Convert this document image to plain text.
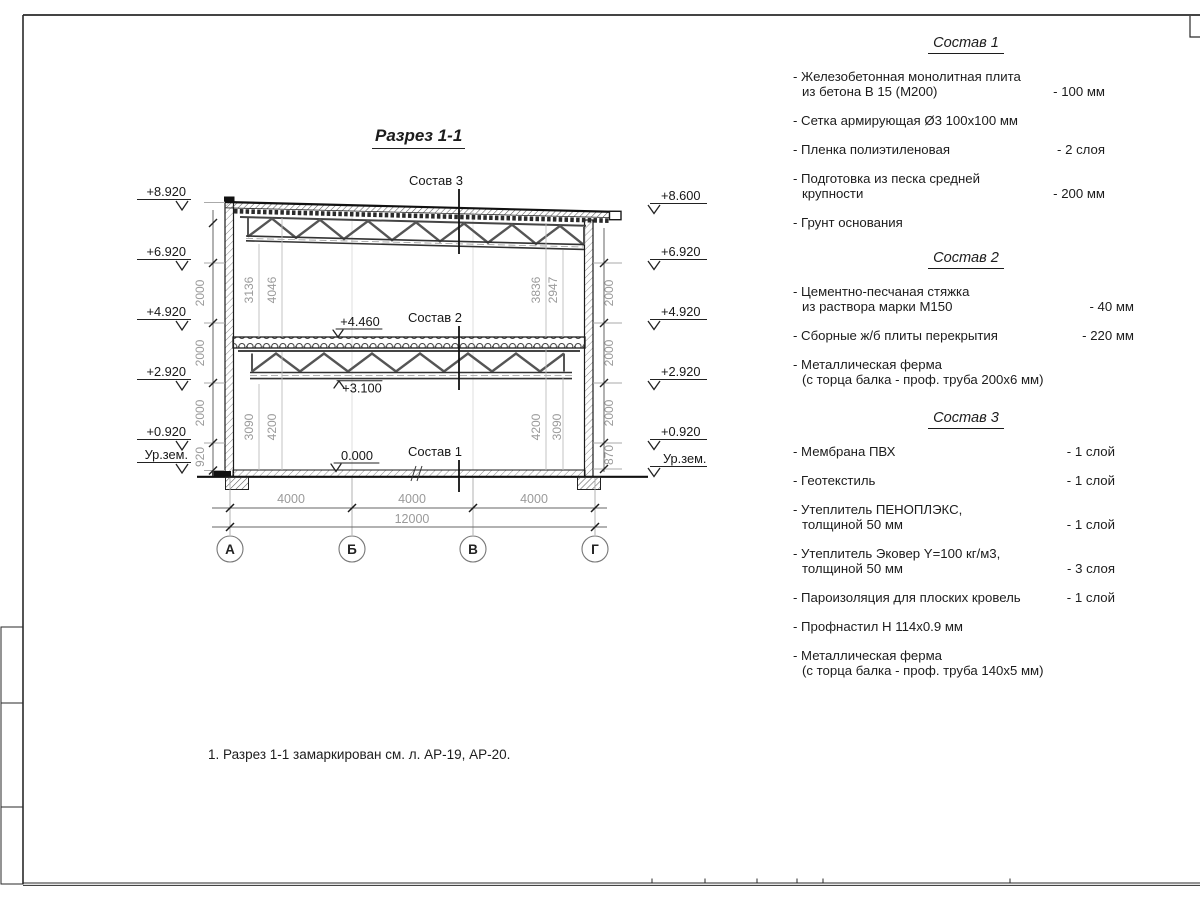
Состав 3
Состав 2
Состав 1
+4.460
+3.100
0.000
+8.920
+6.920
+4.920
+2.920
+0.920
Ур.зем.
+8.600
+6.920
+4.920
+2.920
+0.920
Ур.зем.
2000
2000
2000
920
2000
2000
2000
870
3136 4046
3090 4200
3836 2947
4200 3090
4000	4000	4000
12000
А	Б	В	Г
Разрез 1-1
1. Разрез 1-1 замаркирован см. л. АР-19, АР-20.
Состав 1
- Железобетонная монолитная плита
из бетона В 15 (М200)	- 100 мм
- Сетка армирующая Ø3 100x100 мм
- Пленка полиэтиленовая	- 2 слоя
- Подготовка из песка средней
крупности	- 200 мм
- Грунт основания
Состав 2
- Цементно-песчаная стяжка
из раствора марки М150	- 40 мм
- Сборные ж/б плиты перекрытия	- 220 мм
- Металлическая ферма
(с торца балка - проф. труба 200х6 мм)
Состав 3
- Мембрана ПВХ	- 1 слой
- Геотекстиль	- 1 слой
- Утеплитель ПЕНОПЛЭКС,
толщиной 50 мм	- 1 слой
- Утеплитель Эковер Y=100 кг/м3,
толщиной 50 мм	- 3 слоя
- Пароизоляция для плоских кровель	- 1 слой
- Профнастил Н 114х0.9 мм
- Металлическая ферма
(с торца балка - проф. труба 140х5 мм)
